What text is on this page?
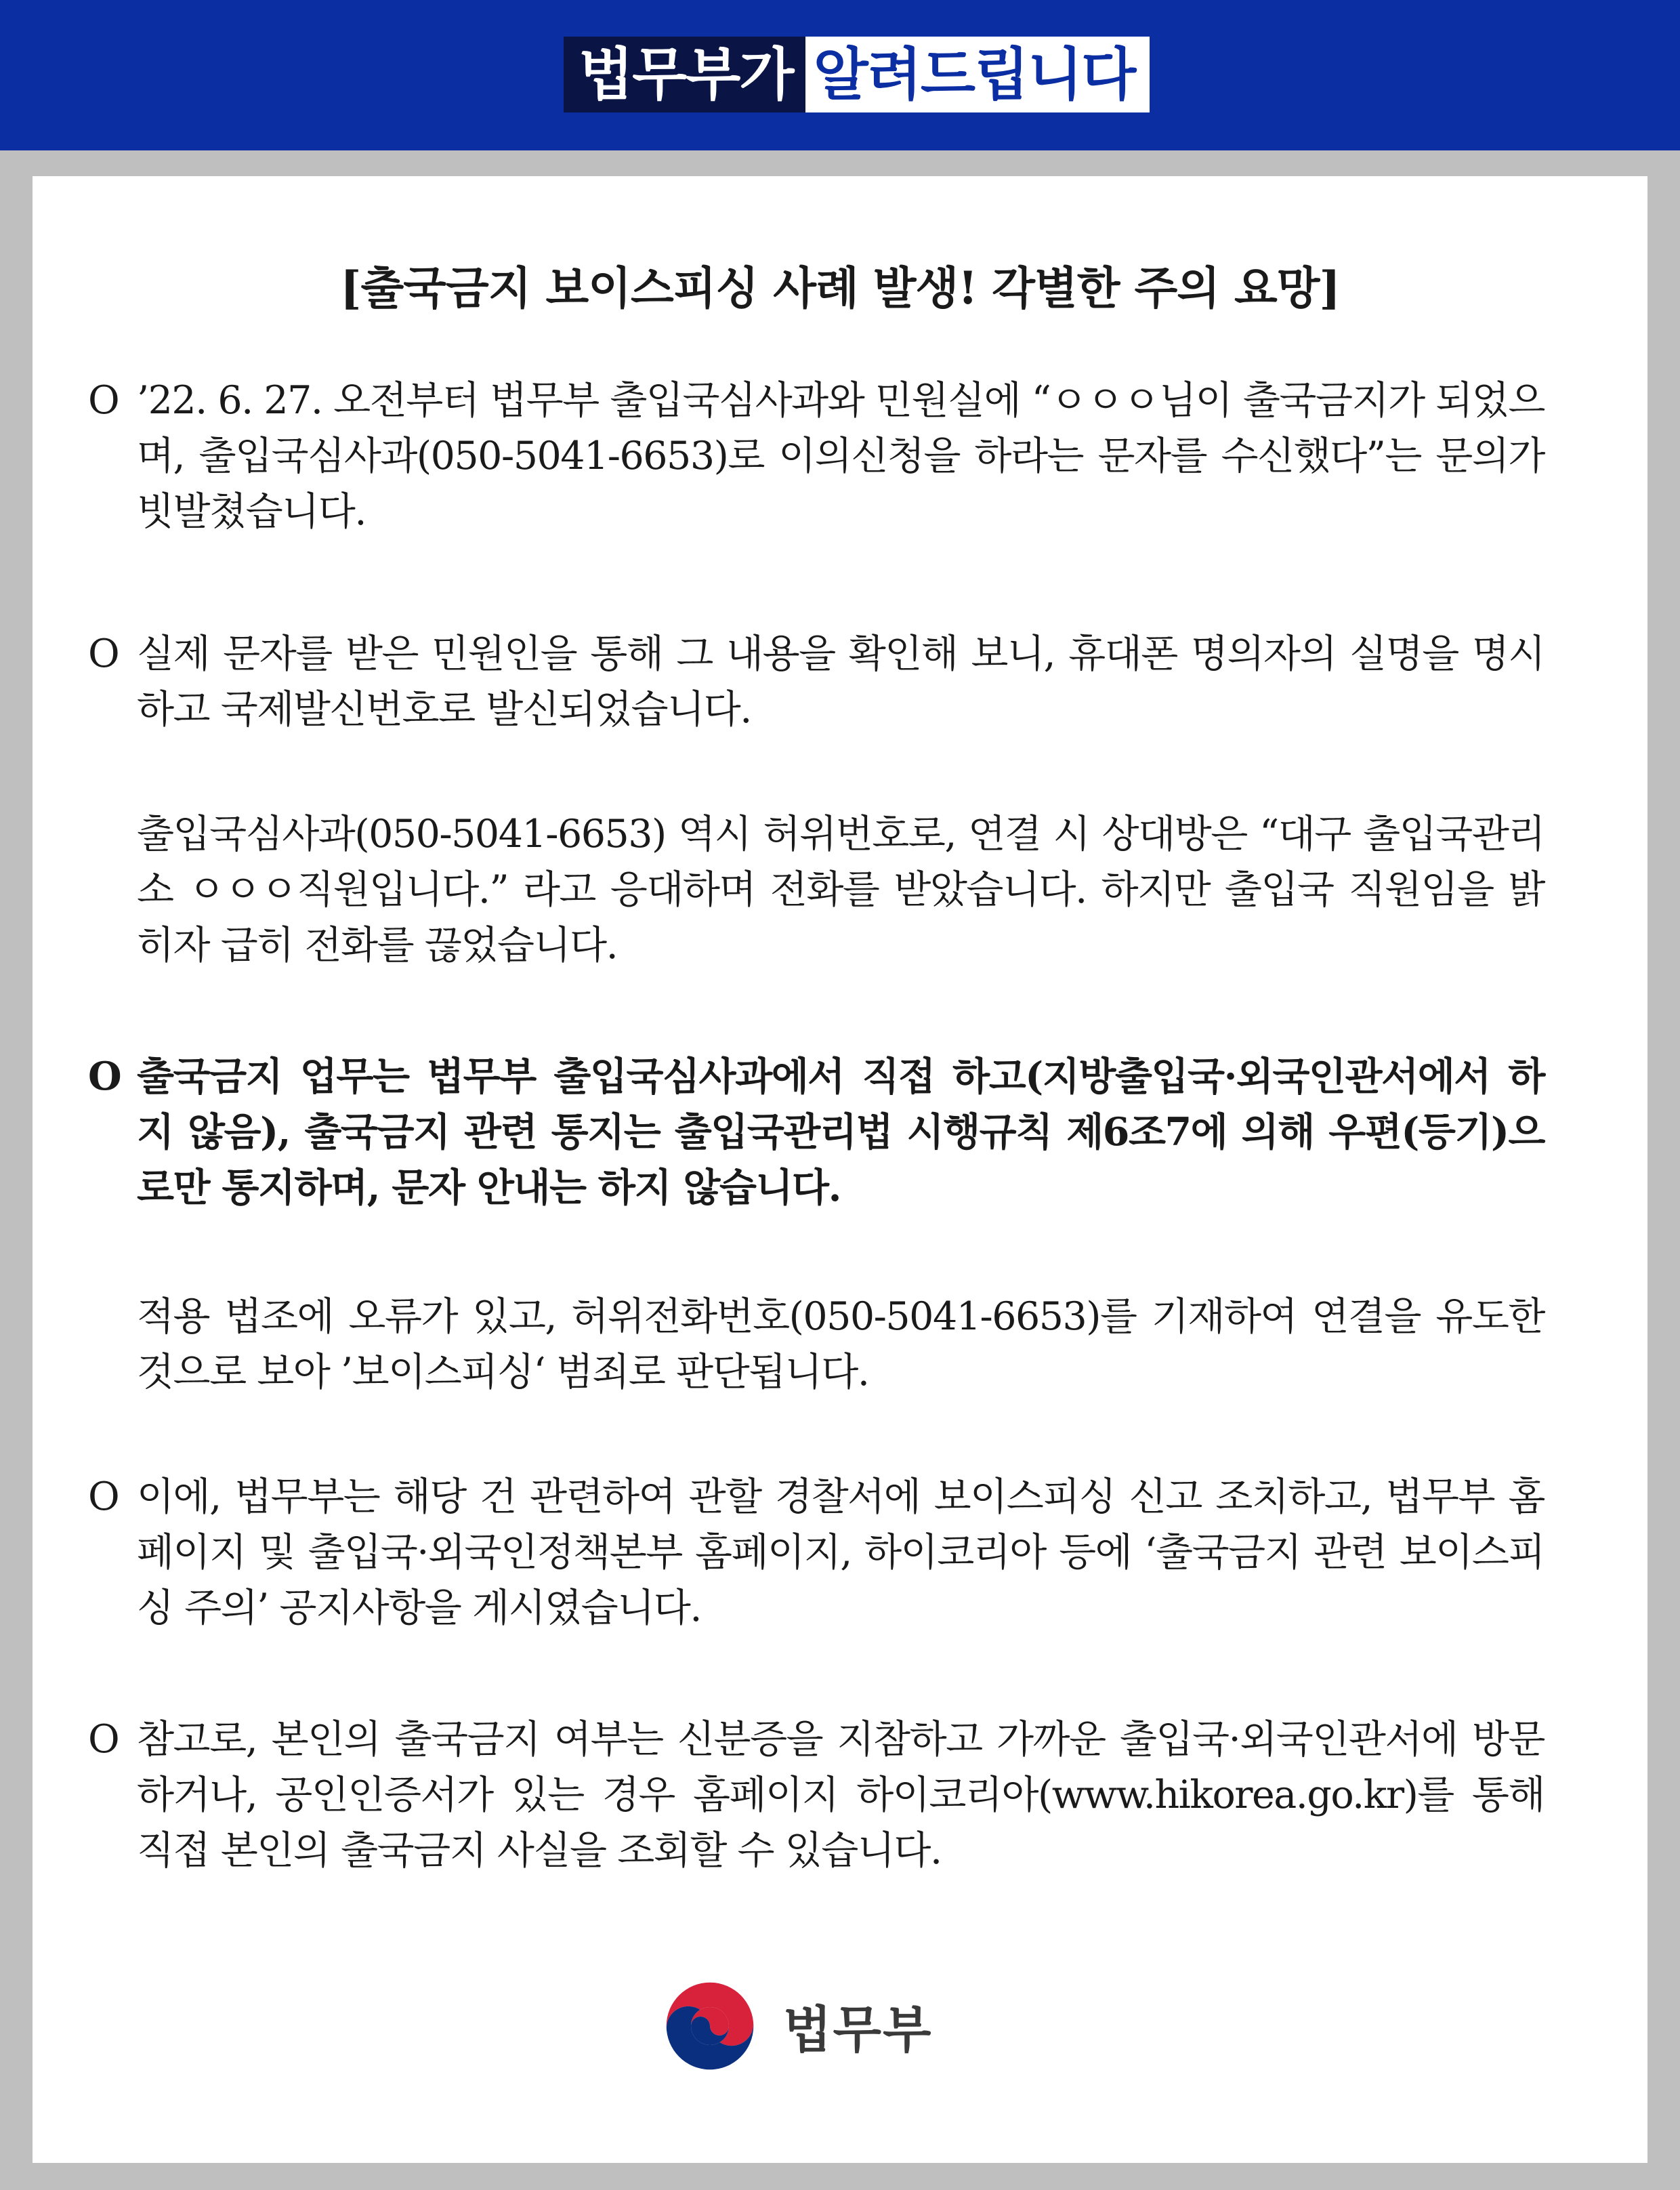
법무부가 알려드립니다
[출국금지 보이스피싱 사례 발생! 각별한 주의 요망]
O ’22. 6. 27. 오전부터 법무부 출입국심사과와 민원실에 “ㅇㅇㅇ님이 출국금지가 되었으며, 출입국심사과(050-5041-6653)로 이의신청을 하라는 문자를 수신했다”는 문의가 빗발쳤습니다.
O 실제 문자를 받은 민원인을 통해 그 내용을 확인해 보니, 휴대폰 명의자의 실명을 명시하고 국제발신번호로 발신되었습니다.
출입국심사과(050-5041-6653) 역시 허위번호로, 연결 시 상대방은 “대구 출입국관리소 ㅇㅇㅇ직원입니다.” 라고 응대하며 전화를 받았습니다. 하지만 출입국 직원임을 밝히자 급히 전화를 끊었습니다.
O 출국금지 업무는 법무부 출입국심사과에서 직접 하고(지방출입국·외국인관서에서 하지 않음), 출국금지 관련 통지는 출입국관리법 시행규칙 제6조7에 의해 우편(등기)으로만 통지하며, 문자 안내는 하지 않습니다.
적용 법조에 오류가 있고, 허위전화번호(050-5041-6653)를 기재하여 연결을 유도한 것으로 보아 ’보이스피싱‘ 범죄로 판단됩니다.
O 이에, 법무부는 해당 건 관련하여 관할 경찰서에 보이스피싱 신고 조치하고, 법무부 홈페이지 및 출입국·외국인정책본부 홈페이지, 하이코리아 등에 ‘출국금지 관련 보이스피싱 주의’ 공지사항을 게시였습니다.
O 참고로, 본인의 출국금지 여부는 신분증을 지참하고 가까운 출입국·외국인관서에 방문하거나, 공인인증서가 있는 경우 홈페이지 하이코리아(www.hikorea.go.kr)를 통해 직접 본인의 출국금지 사실을 조회할 수 있습니다.
법무부
